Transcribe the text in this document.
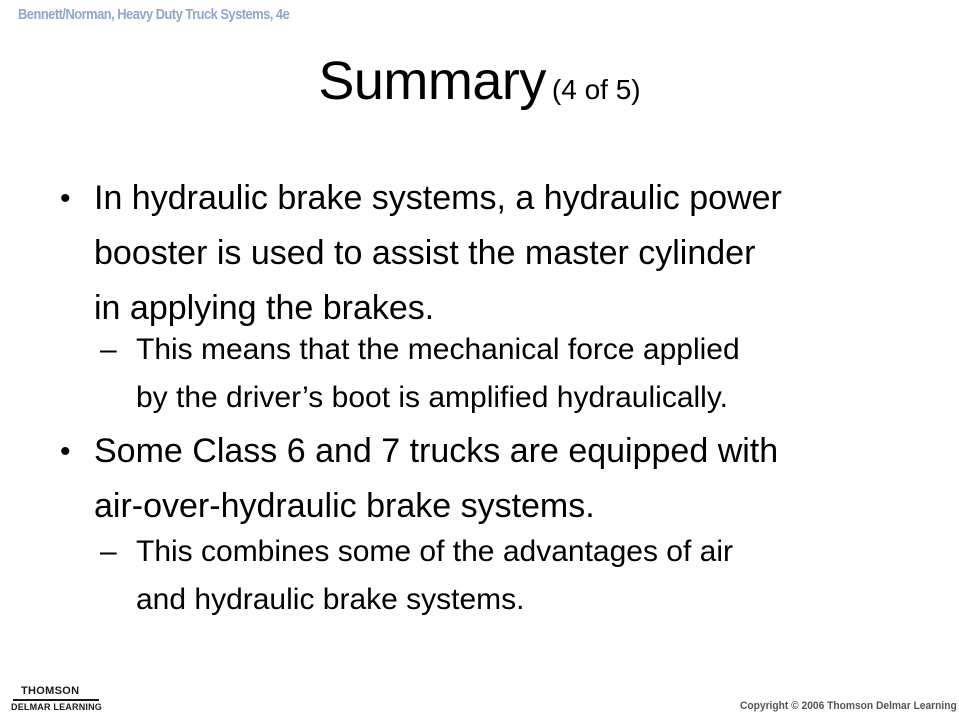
Bennett/Norman, Heavy Duty Truck Systems, 4e
Summary (4 of 5)
• In hydraulic brake systems, a hydraulic power
booster is used to assist the master cylinder
in applying the brakes.
– This means that the mechanical force applied
by the driver’s boot is amplified hydraulically.
• Some Class 6 and 7 trucks are equipped with
air-over-hydraulic brake systems.
– This combines some of the advantages of air
and hydraulic brake systems.
THOMSON
DELMAR LEARNING	Copyright © 2006 Thomson Delmar Learning
